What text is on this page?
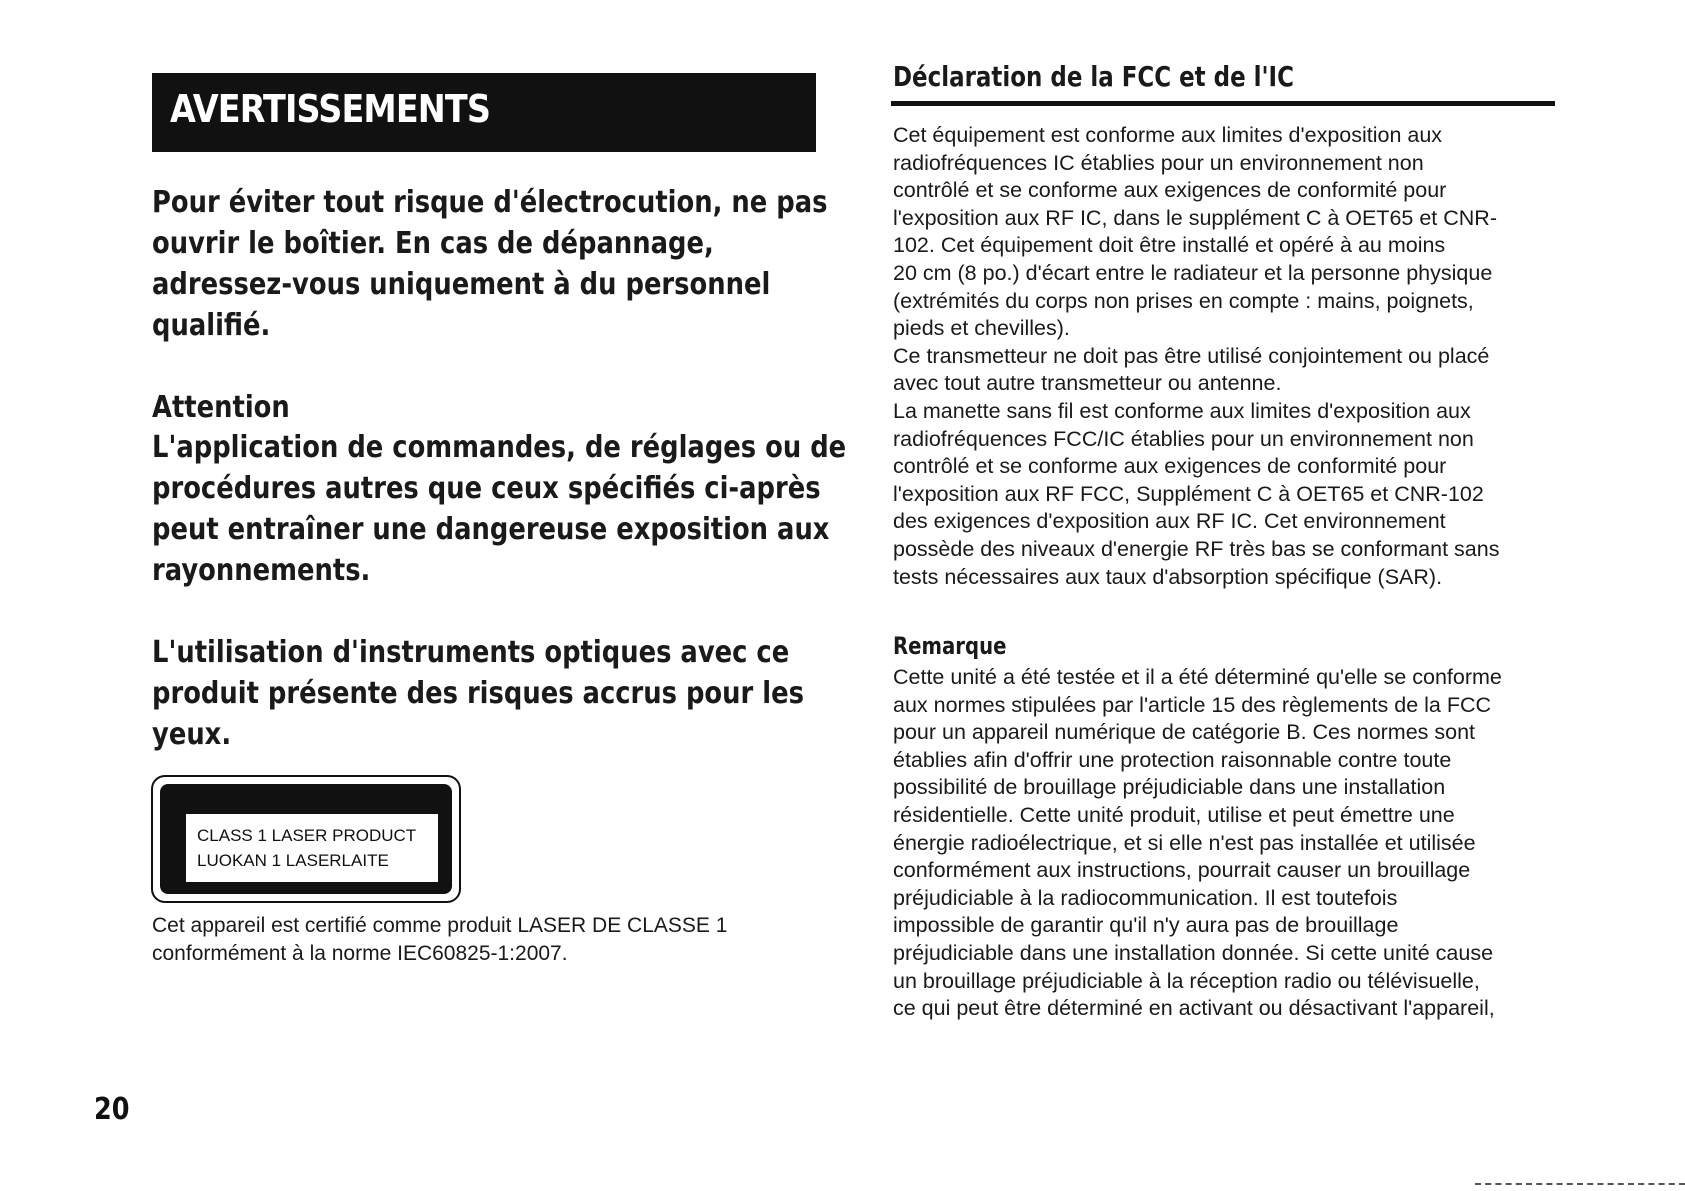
AVERTISSEMENTS

Pour éviter tout risque d'électrocution, ne pas

ouvrir le boîtier. En cas de dépannage,

adressez-vous uniquement à du personnel

qualifié.

Attention

L'application de commandes, de réglages ou de

procédures autres que ceux spécifiés ci-après

peut entraîner une dangereuse exposition aux

rayonnements.

L'utilisation d'instruments optiques avec ce

produit présente des risques accrus pour les

yeux.

CLASS 1 LASER PRODUCT
LUOKAN 1 LASERLAITE

Cet appareil est certifié comme produit LASER DE CLASSE 1

conformément à la norme IEC60825-1:2007.

Déclaration de la FCC et de l'IC

Cet équipement est conforme aux limites d'exposition aux

radiofréquences IC établies pour un environnement non

contrôlé et se conforme aux exigences de conformité pour

l'exposition aux RF IC, dans le supplément C à OET65 et CNR-

102. Cet équipement doit être installé et opéré à au moins

20 cm (8 po.) d'écart entre le radiateur et la personne physique

(extrémités du corps non prises en compte : mains, poignets,

pieds et chevilles).

Ce transmetteur ne doit pas être utilisé conjointement ou placé

avec tout autre transmetteur ou antenne.

La manette sans fil est conforme aux limites d'exposition aux

radiofréquences FCC/IC établies pour un environnement non

contrôlé et se conforme aux exigences de conformité pour

l'exposition aux RF FCC, Supplément C à OET65 et CNR-102

des exigences d'exposition aux RF IC. Cet environnement

possède des niveaux d'energie RF très bas se conformant sans

tests nécessaires aux taux d'absorption spécifique (SAR).

Remarque

Cette unité a été testée et il a été déterminé qu'elle se conforme

aux normes stipulées par l'article 15 des règlements de la FCC

pour un appareil numérique de catégorie B. Ces normes sont

établies afin d'offrir une protection raisonnable contre toute

possibilité de brouillage préjudiciable dans une installation

résidentielle. Cette unité produit, utilise et peut émettre une

énergie radioélectrique, et si elle n'est pas installée et utilisée

conformément aux instructions, pourrait causer un brouillage

préjudiciable à la radiocommunication. Il est toutefois

impossible de garantir qu'il n'y aura pas de brouillage

préjudiciable dans une installation donnée. Si cette unité cause

un brouillage préjudiciable à la réception radio ou télévisuelle,

ce qui peut être déterminé en activant ou désactivant l'appareil,

20
